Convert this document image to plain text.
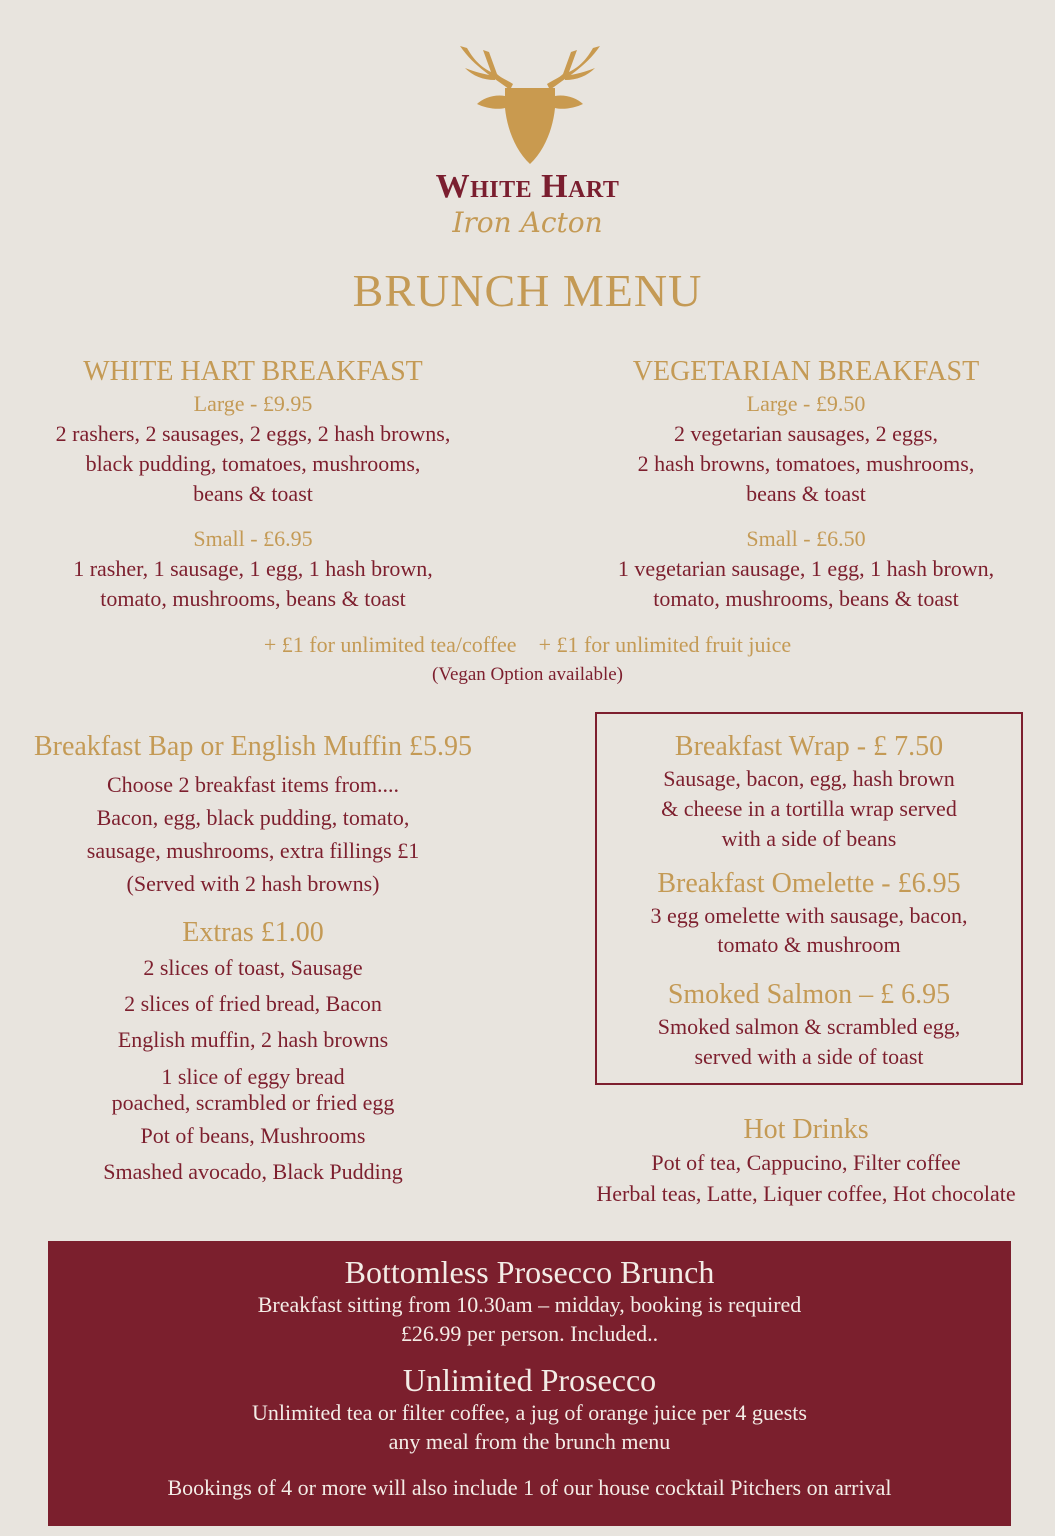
White Hart
Iron Acton
BRUNCH MENU
WHITE HART BREAKFAST
Large - £9.95
2 rashers, 2 sausages, 2 eggs, 2 hash browns,
black pudding, tomatoes, mushrooms,
beans & toast
Small - £6.95
1 rasher, 1 sausage, 1 egg, 1 hash brown,
tomato, mushrooms, beans & toast
VEGETARIAN BREAKFAST
Large - £9.50
2 vegetarian sausages, 2 eggs,
2 hash browns, tomatoes, mushrooms,
beans & toast
Small - £6.50
1 vegetarian sausage, 1 egg, 1 hash brown,
tomato, mushrooms, beans & toast
+ £1 for unlimited tea/coffee + £1 for unlimited fruit juice
(Vegan Option available)
Breakfast Bap or English Muffin £5.95
Choose 2 breakfast items from....
Bacon, egg, black pudding, tomato,
sausage, mushrooms, extra fillings £1
(Served with 2 hash browns)
Extras £1.00
2 slices of toast, Sausage
2 slices of fried bread, Bacon
English muffin, 2 hash browns
1 slice of eggy bread
poached, scrambled or fried egg
Pot of beans, Mushrooms
Smashed avocado, Black Pudding
Breakfast Wrap - £ 7.50
Sausage, bacon, egg, hash brown
& cheese in a tortilla wrap served
with a side of beans
Breakfast Omelette - £6.95
3 egg omelette with sausage, bacon,
tomato & mushroom
Smoked Salmon – £ 6.95
Smoked salmon & scrambled egg,
served with a side of toast
Hot Drinks
Pot of tea, Cappucino, Filter coffee
Herbal teas, Latte, Liquer coffee, Hot chocolate
Bottomless Prosecco Brunch
Breakfast sitting from 10.30am – midday, booking is required
£26.99 per person. Included..
Unlimited Prosecco
Unlimited tea or filter coffee, a jug of orange juice per 4 guests
any meal from the brunch menu
Bookings of 4 or more will also include 1 of our house cocktail Pitchers on arrival
